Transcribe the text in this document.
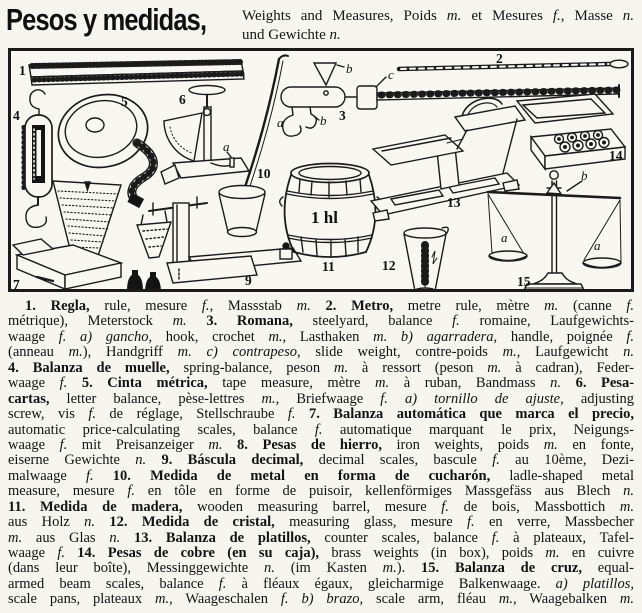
Pesos y medidas, Weights and Measures, Poids m. et Mesures f., Masse n.
und Gewichte n.
1
2
b	c
3
a	b
4
5	6
a
7	8	9
10
11	12
13
14
15
a
b
a
1 hl
1. Regla, rule, mesure f., Massstab m. 2. Metro, metre rule, mètre m. (canne f.
métrique), Meterstock m. 3. Romana, steelyard, balance f. romaine, Laufgewichts-
waage f. a) gancho, hook, crochet m., Lasthaken m. b) agarradera, handle, poignée f.
(anneau m.), Handgriff m. c) contrapeso, slide weight, contre-poids m., Laufgewicht n.
4. Balanza de muelle, spring-balance, peson m. à ressort (peson m. à cadran), Feder-
waage f. 5. Cinta métrica, tape measure, mètre m. à ruban, Bandmass n. 6. Pesa-
cartas, letter balance, pèse-lettres m., Briefwaage f. a) tornillo de ajuste, adjusting
screw, vis f. de réglage, Stellschraube f. 7. Balanza automática que marca el precio,
automatic price-calculating scales, balance f. automatique marquant le prix, Neigungs-
waage f. mit Preisanzeiger m. 8. Pesas de hierro, iron weights, poids m. en fonte,
eiserne Gewichte n. 9. Báscula decimal, decimal scales, bascule f. au 10ème, Dezi-
malwaage f. 10. Medida de metal en forma de cucharón, ladle-shaped metal
measure, mesure f. en tôle en forme de puisoir, kellenförmiges Massgefäss aus Blech n.
11. Medida de madera, wooden measuring barrel, mesure f. de bois, Massbottich m.
aus Holz n. 12. Medida de cristal, measuring glass, mesure f. en verre, Massbecher
m. aus Glas n. 13. Balanza de platillos, counter scales, balance f. à plateaux, Tafel-
waage f. 14. Pesas de cobre (en su caja), brass weights (in box), poids m. en cuivre
(dans leur boîte), Messinggewichte n. (im Kasten m.). 15. Balanza de cruz, equal-
armed beam scales, balance f. à fléaux égaux, gleicharmige Balkenwaage. a) platillos,
scale pans, plateaux m., Waageschalen f. b) brazo, scale arm, fléau m., Waagebalken m.
